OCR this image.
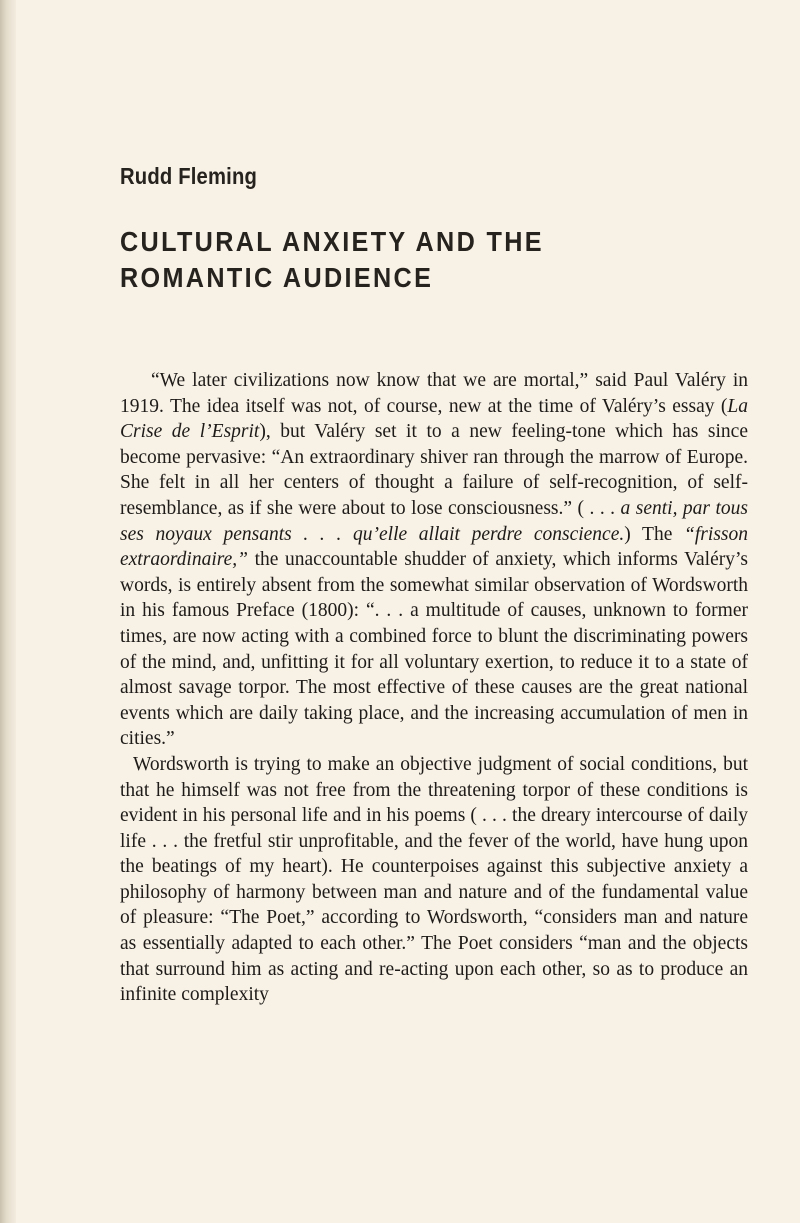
Rudd Fleming
CULTURAL ANXIETY AND THE
ROMANTIC AUDIENCE

“We later civilizations now know that we are mortal,” said Paul Valéry in 1919. The idea itself was not, of course, new at the time of Valéry’s essay (La Crise de l’Esprit), but Valéry set it to a new feeling-tone which has since become pervasive: “An extraordinary shiver ran through the marrow of Europe. She felt in all her centers of thought a failure of self-recognition, of self-resemblance, as if she were about to lose consciousness.” ( . . . a senti, par tous ses noyaux pensants . . . qu’elle allait perdre conscience.) The “frisson extraordinaire,” the unaccountable shudder of anxiety, which informs Valéry’s words, is entirely absent from the somewhat similar observation of Wordsworth in his famous Preface (1800): “. . . a multitude of causes, unknown to former times, are now acting with a combined force to blunt the discriminating powers of the mind, and, unfitting it for all voluntary exertion, to reduce it to a state of almost savage torpor. The most effective of these causes are the great national events which are daily taking place, and the increasing accumulation of men in cities.”

Wordsworth is trying to make an objective judgment of social conditions, but that he himself was not free from the threatening torpor of these conditions is evident in his personal life and in his poems ( . . . the dreary intercourse of daily life . . . the fretful stir unprofitable, and the fever of the world, have hung upon the beatings of my heart). He counterpoises against this subjective anxiety a philosophy of harmony between man and nature and of the fundamental value of pleasure: “The Poet,” according to Wordsworth, “considers man and nature as essentially adapted to each other.” The Poet considers “man and the objects that surround him as acting and re-acting upon each other, so as to produce an infinite complexity
